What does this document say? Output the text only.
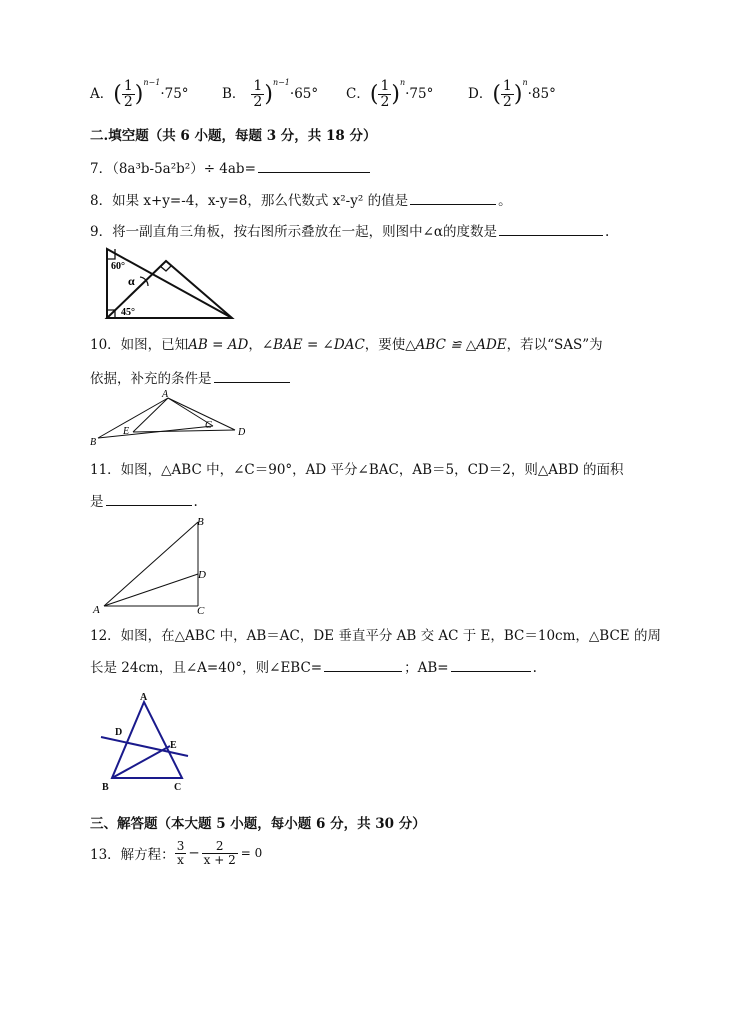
A．( $\frac{1}{2} )^{n-1}\cdot 75^\circ$ B． $\frac{1}{2} )^{n-1}\cdot 65^\circ$ C．( $\frac{1}{2} )^n\cdot 75^\circ$	D．( $\frac{1}{2} )^n\cdot 85^\circ$
二.填空题（共 6 小题，每题 3 分，共 18 分）
7．（8a³b-5a²b²）÷ 4ab=
8．如果 x+y=-4，x-y=8，那么代数式 x²-y² 的值是	。
9．将一副直角三角板，按右图所示叠放在一起，则图中∠α的度数是	.
60°
α
45°
10．如图，已知AB = AD，∠BAE = ∠DAC，要使△ABC ≌ △ADE，若以“SAS”为
依据，补充的条件是
A
B
E
C
D
11．如图，△ABC 中，∠C＝90°，AD 平分∠BAC，AB＝5，CD＝2，则△ABD 的面积
是	.
A
B
C
D
12．如图，在△ABC 中，AB＝AC，DE 垂直平分 AB 交 AC 于 E，BC＝10cm，△BCE 的周
长是 24cm，且∠A=40°，则∠EBC=	；AB=	.
A
D
E
B	C
三、解答题（本大题 5 小题，每小题 6 分，共 30 分）
13．解方程： $\frac{3}{x} - \frac{2}{x + 2} = 0$
